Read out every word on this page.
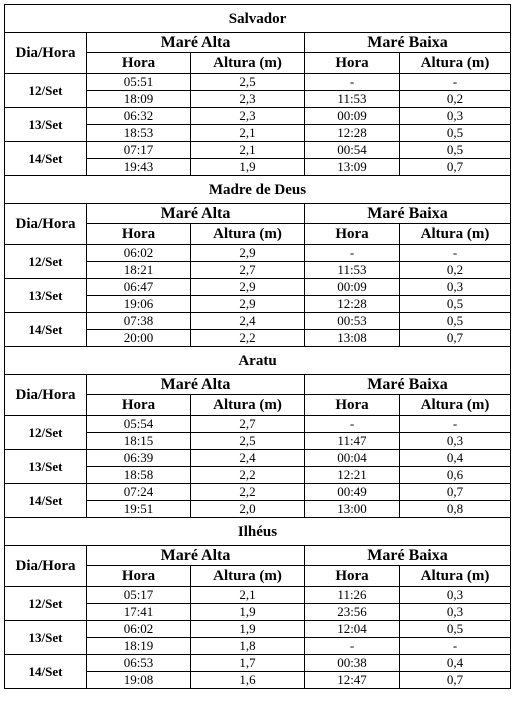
Salvador				
Dia/Hora	Maré Alta		Maré Baixa	
	Hora	Altura (m)	Hora	Altura (m)
12/Set	05:51	2,5	-	-
	18:09	2,3	11:53	0,2
13/Set	06:32	2,3	00:09	0,3
	18:53	2,1	12:28	0,5
14/Set	07:17	2,1	00:54	0,5
	19:43	1,9	13:09	0,7
Madre de Deus				
Dia/Hora	Maré Alta		Maré Baixa	
	Hora	Altura (m)	Hora	Altura (m)
12/Set	06:02	2,9	-	-
	18:21	2,7	11:53	0,2
13/Set	06:47	2,9	00:09	0,3
	19:06	2,9	12:28	0,5
14/Set	07:38	2,4	00:53	0,5
	20:00	2,2	13:08	0,7
Aratu				
Dia/Hora	Maré Alta		Maré Baixa	
	Hora	Altura (m)	Hora	Altura (m)
12/Set	05:54	2,7	-	-
	18:15	2,5	11:47	0,3
13/Set	06:39	2,4	00:04	0,4
	18:58	2,2	12:21	0,6
14/Set	07:24	2,2	00:49	0,7
	19:51	2,0	13:00	0,8
Ilhéus				
Dia/Hora	Maré Alta		Maré Baixa	
	Hora	Altura (m)	Hora	Altura (m)
12/Set	05:17	2,1	11:26	0,3
	17:41	1,9	23:56	0,3
13/Set	06:02	1,9	12:04	0,5
	18:19	1,8	-	-
14/Set	06:53	1,7	00:38	0,4
	19:08	1,6	12:47	0,7
